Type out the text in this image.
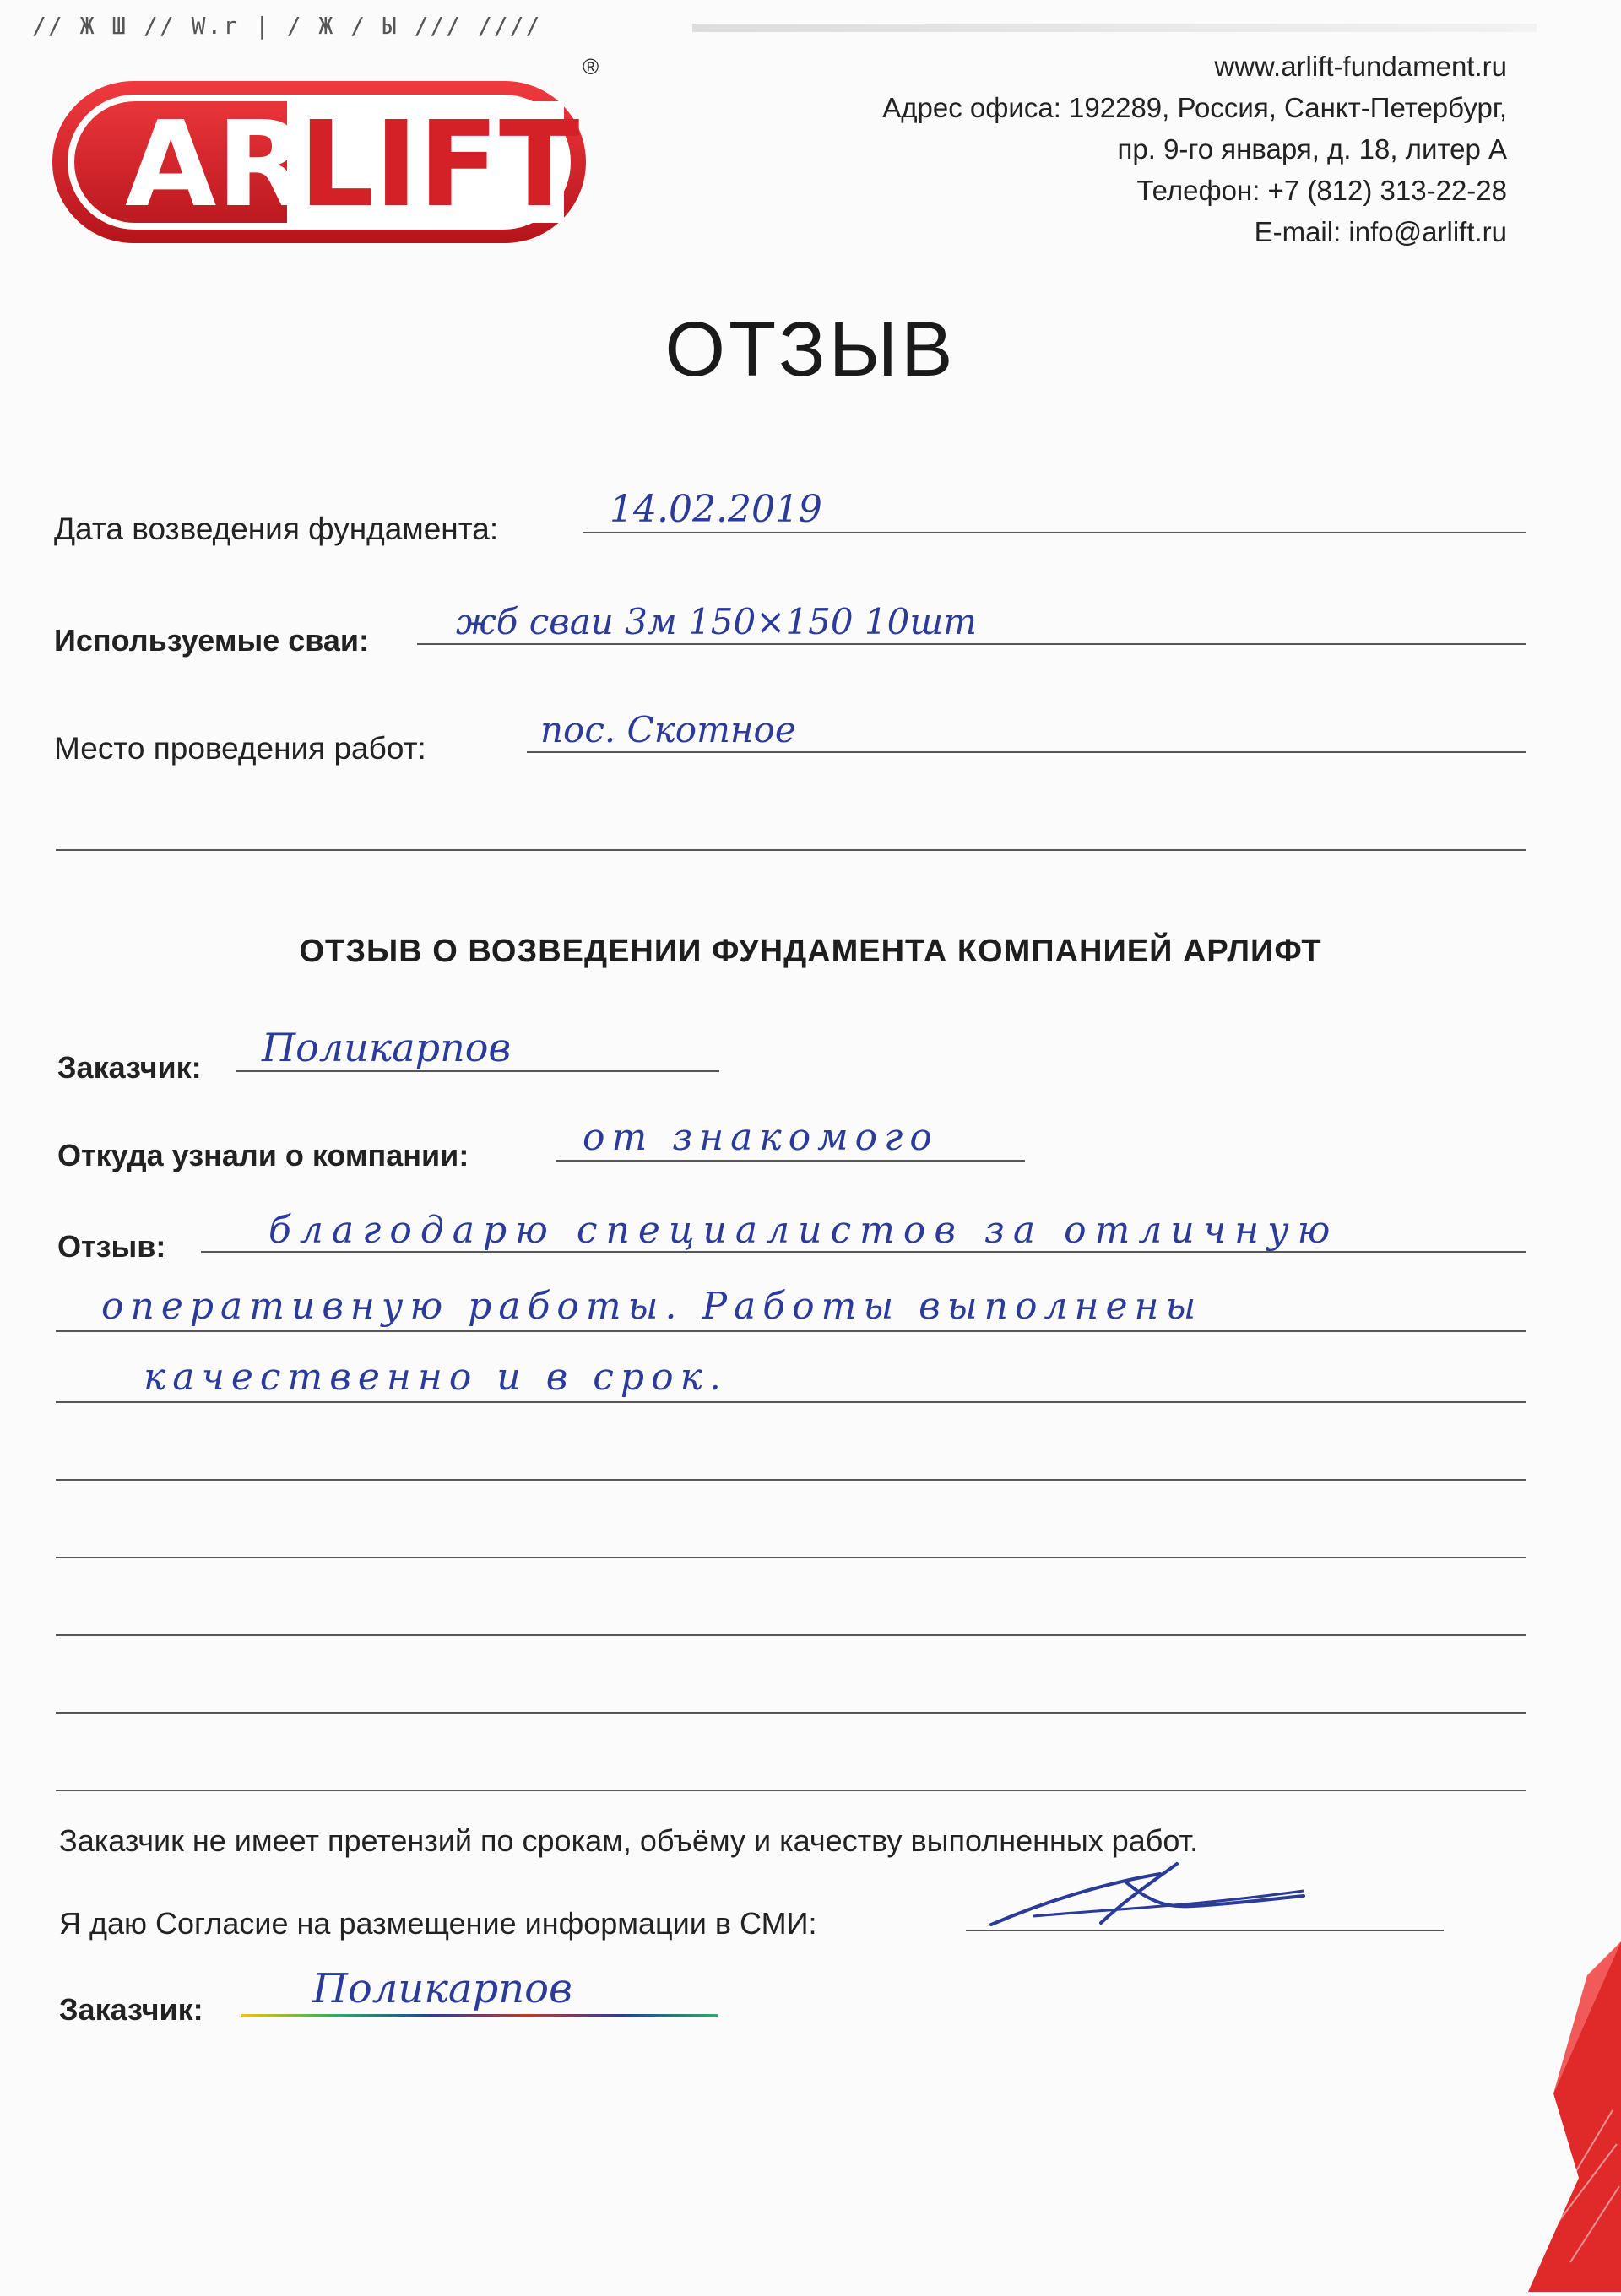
// Ж Ш // W.r | / Ж / Ы /// ////
AR
LIFT
®	www.arlift-fundament.ru
Адрес офиса: 192289, Россия, Санкт-Петербург,
пр. 9-го января, д. 18, литер А
Телефон: +7 (812) 313-22-28
E-mail: info@arlift.ru
ОТЗЫВ
Дата возведения фундамента:	14.02.2019
Используемые сваи: жб сваи 3м 150×150 10шт
Место проведения работ:	пос. Скотное
ОТЗЫВ О ВОЗВЕДЕНИИ ФУНДАМЕНТА КОМПАНИЕЙ АРЛИФТ
Заказчик: Поликарпов
Откуда узнали о компании:	от знакомого
Отзыв:	благодарю специалистов за отличную
оперативную работы. Работы выполнены
качественно и в срок.
Заказчик не имеет претензий по срокам, объёму и качеству выполненных работ.
Я даю Согласие на размещение информации в СМИ:
Заказчик:	Поликарпов
